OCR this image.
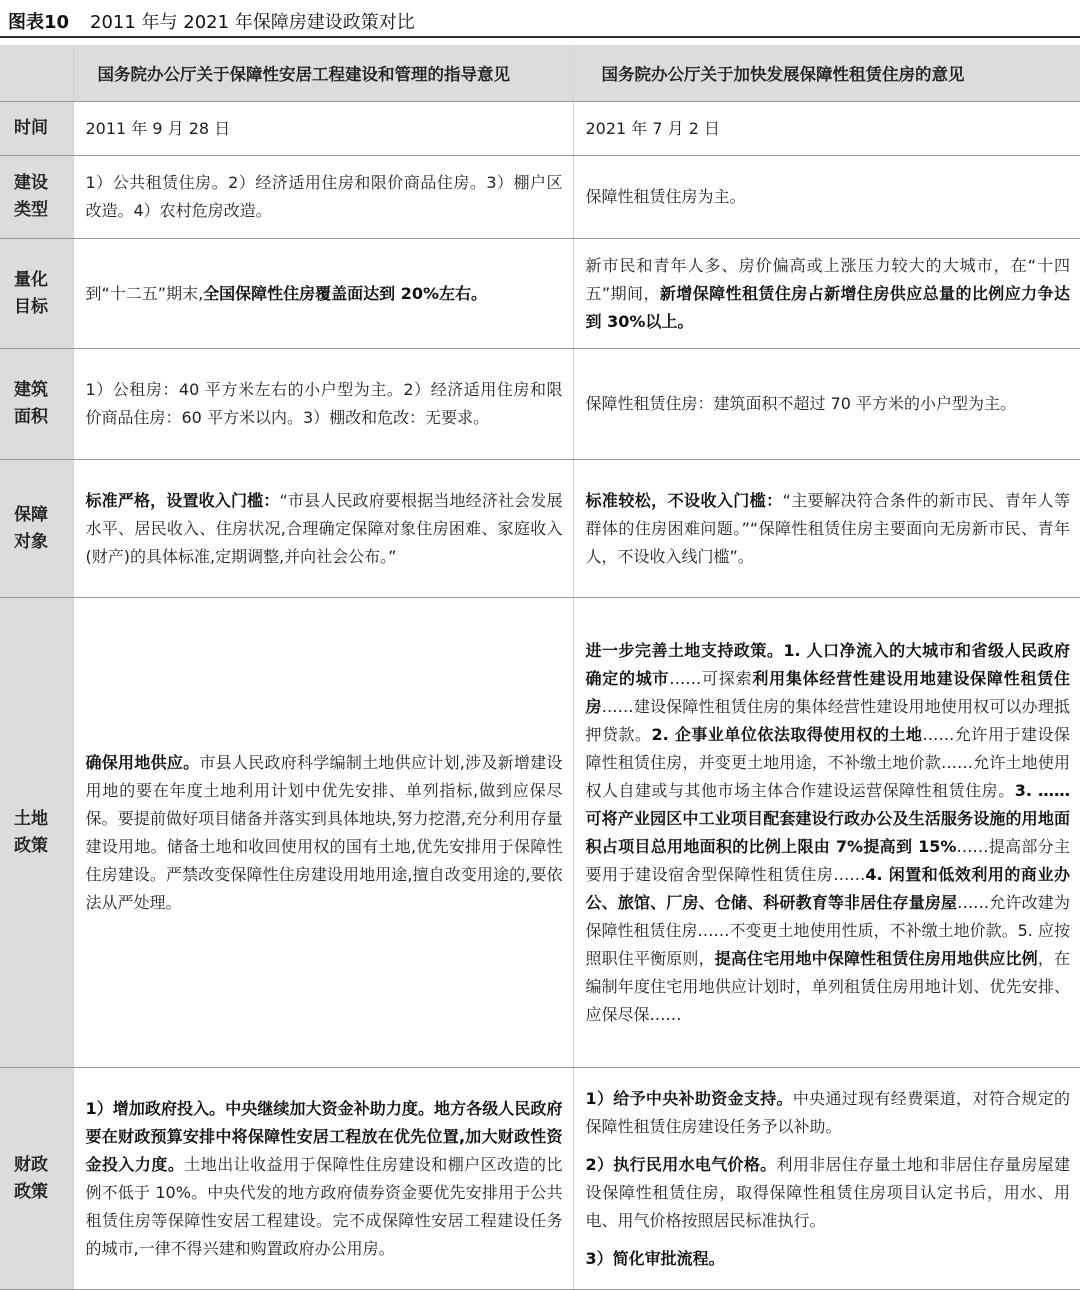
图表10 2011 年与 2021 年保障房建设政策对比
	国务院办公厅关于保障性安居工程建设和管理的指导意见	国务院办公厅关于加快发展保障性租赁住房的意见

时间	2011 年 9 月 28 日	2021 年 7 月 2 日

建设类型	1）公共租赁住房。2）经济适用住房和限价商品住房。3）棚户区改造。4）农村危房改造。	保障性租赁住房为主。

量化目标	到“十二五”期末,全国保障性住房覆盖面达到 20%左右。	新市民和青年人多、房价偏高或上涨压力较大的大城市，在“十四五”期间，新增保障性租赁住房占新增住房供应总量的比例应力争达到 30%以上。

建筑面积	1）公租房：40 平方米左右的小户型为主。2）经济适用住房和限价商品住房：60 平方米以内。3）棚改和危改：无要求。	保障性租赁住房：建筑面积不超过 70 平方米的小户型为主。

保障对象	标准严格，设置收入门槛：“市县人民政府要根据当地经济社会发展水平、居民收入、住房状况,合理确定保障对象住房困难、家庭收入(财产)的具体标准,定期调整,并向社会公布。”	标准较松，不设收入门槛：“主要解决符合条件的新市民、青年人等群体的住房困难问题。”“保障性租赁住房主要面向无房新市民、青年人，不设收入线门槛”。

土地政策	确保用地供应。市县人民政府科学编制土地供应计划,涉及新增建设用地的要在年度土地利用计划中优先安排、单列指标,做到应保尽保。要提前做好项目储备并落实到具体地块,努力挖潜,充分利用存量建设用地。储备土地和收回使用权的国有土地,优先安排用于保障性住房建设。严禁改变保障性住房建设用地用途,擅自改变用途的,要依法从严处理。	进一步完善土地支持政策。1. 人口净流入的大城市和省级人民政府确定的城市……可探索利用集体经营性建设用地建设保障性租赁住房……建设保障性租赁住房的集体经营性建设用地使用权可以办理抵押贷款。2. 企事业单位依法取得使用权的土地……允许用于建设保障性租赁住房，并变更土地用途，不补缴土地价款……允许土地使用权人自建或与其他市场主体合作建设运营保障性租赁住房。3. ……可将产业园区中工业项目配套建设行政办公及生活服务设施的用地面积占项目总用地面积的比例上限由 7%提高到 15%……提高部分主要用于建设宿舍型保障性租赁住房……4. 闲置和低效利用的商业办公、旅馆、厂房、仓储、科研教育等非居住存量房屋……允许改建为保障性租赁住房……不变更土地使用性质，不补缴土地价款。5. 应按照职住平衡原则，提高住宅用地中保障性租赁住房用地供应比例，在编制年度住宅用地供应计划时，单列租赁住房用地计划、优先安排、应保尽保……

财政政策	1）增加政府投入。中央继续加大资金补助力度。地方各级人民政府要在财政预算安排中将保障性安居工程放在优先位置,加大财政性资金投入力度。土地出让收益用于保障性住房建设和棚户区改造的比例不低于 10%。中央代发的地方政府债券资金要优先安排用于公共租赁住房等保障性安居工程建设。完不成保障性安居工程建设任务的城市,一律不得兴建和购置政府办公用房。	1）给予中央补助资金支持。中央通过现有经费渠道，对符合规定的保障性租赁住房建设任务予以补助。
2）执行民用水电气价格。利用非居住存量土地和非居住存量房屋建设保障性租赁住房，取得保障性租赁住房项目认定书后，用水、用电、用气价格按照居民标准执行。
3）简化审批流程。
